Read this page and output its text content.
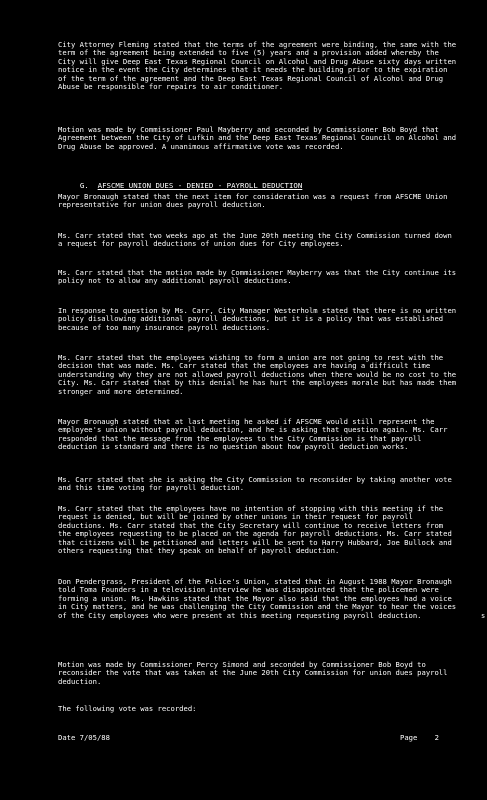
City Attorney Fleming stated that the terms of the agreement were binding, the same with the term of the agreement being extended to five (5) years and a provision added whereby the City will give Deep East Texas Regional Council on Alcohol and Drug Abuse sixty days written notice in the event the City determines that it needs the building prior to the expiration of the term of the agreement and the Deep East Texas Regional Council of Alcohol and Drug Abuse be responsible for repairs to air conditioner.
Motion was made by Commissioner Paul Mayberry and seconded by Commissioner Bob Boyd that Agreement between the City of Lufkin and the Deep East Texas Regional Council on Alcohol and Drug Abuse be approved. A unanimous affirmative vote was recorded.

G. AFSCME UNION DUES - DENIED - PAYROLL DEDUCTION

Mayor Bronaugh stated that the next item for consideration was a request from AFSCME Union representative for union dues payroll deduction.
Ms. Carr stated that two weeks ago at the June 20th meeting the City Commission turned down a request for payroll deductions of union dues for City employees.
Ms. Carr stated that the motion made by Commissioner Mayberry was that the City continue its policy not to allow any additional payroll deductions.
In response to question by Ms. Carr, City Manager Westerholm stated that there is no written policy disallowing additional payroll deductions, but it is a policy that was established because of too many insurance payroll deductions.
Ms. Carr stated that the employees wishing to form a union are not going to rest with the decision that was made. Ms. Carr stated that the employees are having a difficult time understanding why they are not allowed payroll deductions when there would be no cost to the City. Ms. Carr stated that by this denial he has hurt the employees morale but has made them stronger and more determined.
Mayor Bronaugh stated that at last meeting he asked if AFSCME would still represent the employee's union without payroll deduction, and he is asking that question again. Ms. Carr responded that the message from the employees to the City Commission is that payroll deduction is standard and there is no question about how payroll deduction works.
Ms. Carr stated that she is asking the City Commission to reconsider by taking another vote and this time voting for payroll deduction.
Ms. Carr stated that the employees have no intention of stopping with this meeting if the request is denied, but will be joined by other unions in their request for payroll deductions. Ms. Carr stated that the City Secretary will continue to receive letters from the employees requesting to be placed on the agenda for payroll deductions. Ms. Carr stated that citizens will be petitioned and letters will be sent to Harry Hubbard, Joe Bullock and others requesting that they speak on behalf of payroll deduction.
Don Pendergrass, President of the Police's Union, stated that in August 1988 Mayor Bronaugh told Toma Founders in a television interview he was disappointed that the policemen were forming a union. Ms. Hawkins stated that the Mayor also said that the employees had a voice in City matters, and he was challenging the City Commission and the Mayor to hear the voices of the City employees who were present at this meeting requesting payroll deduction.
Motion was made by Commissioner Percy Simond and seconded by Commissioner Bob Boyd to reconsider the vote that was taken at the June 20th City Commission for union dues payroll deduction.
The following vote was recorded:
Date 7/05/88	Page    2
s
